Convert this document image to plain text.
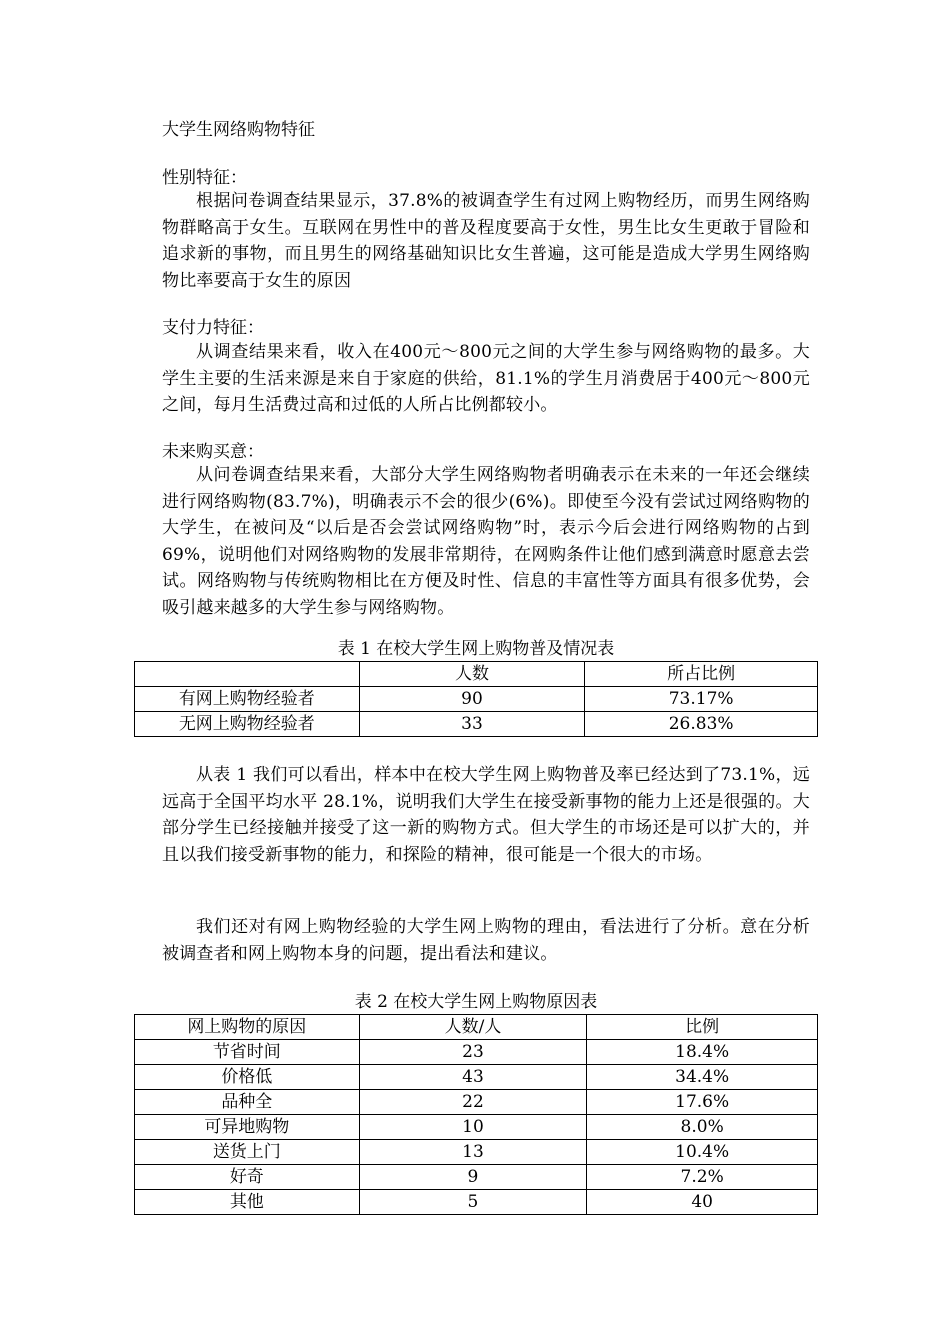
大学生网络购物特征
性别特征：

根据问卷调查结果显示，37.8%的被调查学生有过网上购物经历，而男生网络购物群略高于女生。互联网在男性中的普及程度要高于女性，男生比女生更敢于冒险和追求新的事物，而且男生的网络基础知识比女生普遍，这可能是造成大学男生网络购物比率要高于女生的原因

支付力特征：

从调查结果来看，收入在400元～800元之间的大学生参与网络购物的最多。大学生主要的生活来源是来自于家庭的供给，81.1%的学生月消费居于400元～800元之间，每月生活费过高和过低的人所占比例都较小。

未来购买意：

从问卷调查结果来看，大部分大学生网络购物者明确表示在未来的一年还会继续进行网络购物(83.7%)，明确表示不会的很少(6%)。即使至今没有尝试过网络购物的大学生，在被问及“以后是否会尝试网络购物”时，表示今后会进行网络购物的占到69%，说明他们对网络购物的发展非常期待，在网购条件让他们感到满意时愿意去尝试。网络购物与传统购物相比在方便及时性、信息的丰富性等方面具有很多优势，会吸引越来越多的大学生参与网络购物。

表 1 在校大学生网上购物普及情况表
	人数	所占比例
有网上购物经验者	90	73.17%
无网上购物经验者	33	26.83%

从表 1 我们可以看出，样本中在校大学生网上购物普及率已经达到了73.1%，远远高于全国平均水平 28.1%，说明我们大学生在接受新事物的能力上还是很强的。大部分学生已经接触并接受了这一新的购物方式。但大学生的市场还是可以扩大的，并且以我们接受新事物的能力，和探险的精神，很可能是一个很大的市场。

我们还对有网上购物经验的大学生网上购物的理由，看法进行了分析。意在分析被调查者和网上购物本身的问题，提出看法和建议。

表 2 在校大学生网上购物原因表
网上购物的原因	人数/人	比例
节省时间	23	18.4%
价格低	43	34.4%
品种全	22	17.6%
可异地购物	10	8.0%
送货上门	13	10.4%
好奇	9	7.2%
其他	5	40
